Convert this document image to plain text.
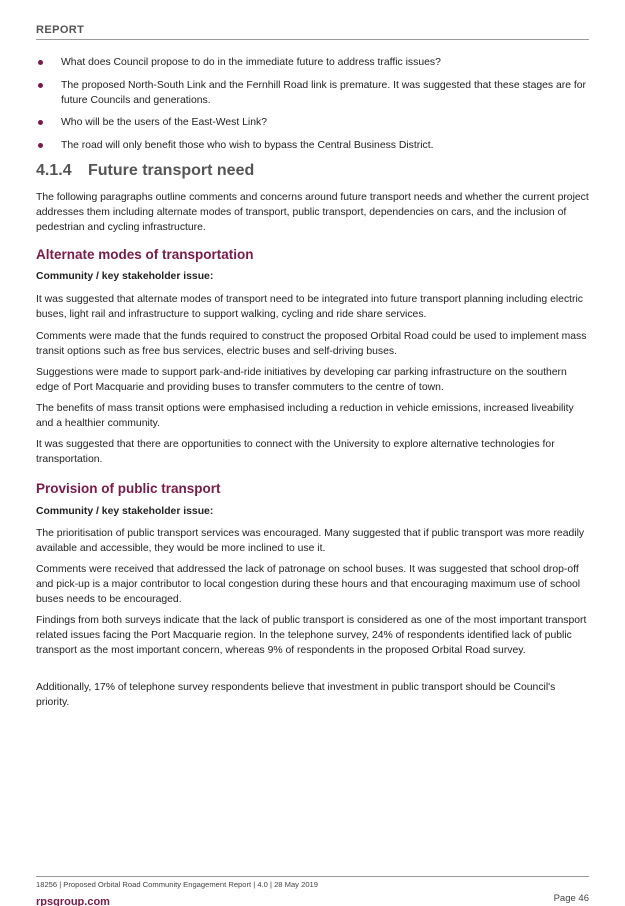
REPORT
What does Council propose to do in the immediate future to address traffic issues?
The proposed North-South Link and the Fernhill Road link is premature. It was suggested that these stages are for future Councils and generations.
Who will be the users of the East-West Link?
The road will only benefit those who wish to bypass the Central Business District.
4.1.4 Future transport need

The following paragraphs outline comments and concerns around future transport needs and whether the current project addresses them including alternate modes of transport, public transport, dependencies on cars, and the inclusion of pedestrian and cycling infrastructure.

Alternate modes of transportation
Community / key stakeholder issue:

It was suggested that alternate modes of transport need to be integrated into future transport planning including electric buses, light rail and infrastructure to support walking, cycling and ride share services.

Comments were made that the funds required to construct the proposed Orbital Road could be used to implement mass transit options such as free bus services, electric buses and self-driving buses.

Suggestions were made to support park-and-ride initiatives by developing car parking infrastructure on the southern edge of Port Macquarie and providing buses to transfer commuters to the centre of town.

The benefits of mass transit options were emphasised including a reduction in vehicle emissions, increased liveability and a healthier community.

It was suggested that there are opportunities to connect with the University to explore alternative technologies for transportation.

Provision of public transport
Community / key stakeholder issue:

The prioritisation of public transport services was encouraged. Many suggested that if public transport was more readily available and accessible, they would be more inclined to use it.

Comments were received that addressed the lack of patronage on school buses. It was suggested that school drop-off and pick-up is a major contributor to local congestion during these hours and that encouraging maximum use of school buses needs to be encouraged.

Findings from both surveys indicate that the lack of public transport is considered as one of the most important transport related issues facing the Port Macquarie region. In the telephone survey, 24% of respondents identified lack of public transport as the most important concern, whereas 9% of respondents in the proposed Orbital Road survey.

Additionally, 17% of telephone survey respondents believe that investment in public transport should be Council's priority.

18256 | Proposed Orbital Road Community Engagement Report | 4.0 | 28 May 2019
rpsgroup.com	Page 46
